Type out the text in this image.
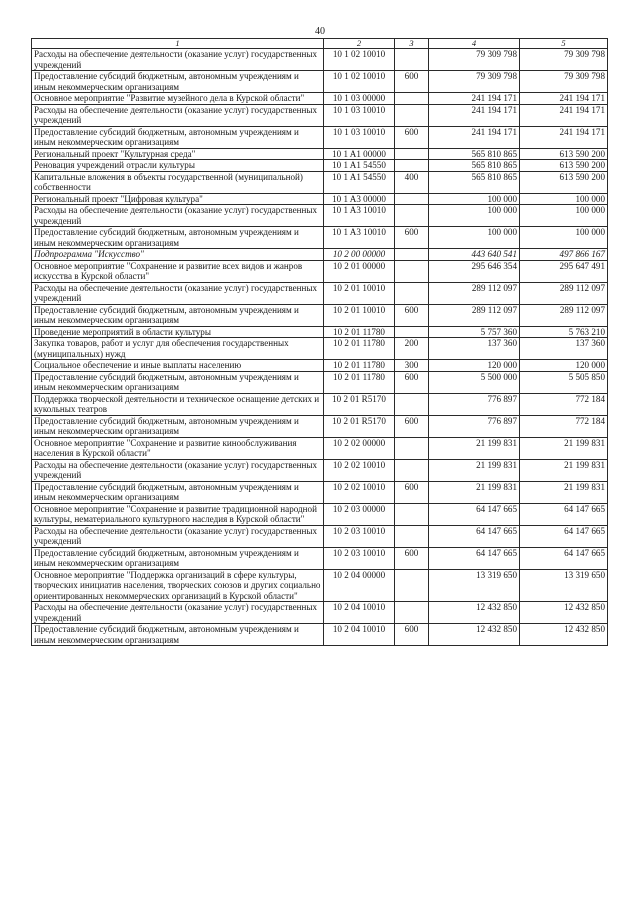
40
1	2	3	4	5
Расходы на обеспечение деятельности (оказание услуг) государственных учреждений	10 1 02 10010		79 309 798	79 309 798
Предоставление субсидий бюджетным, автономным учреждениям и иным некоммерческим организациям	10 1 02 10010	600	79 309 798	79 309 798
Основное мероприятие "Развитие музейного дела в Курской области"	10 1 03 00000		241 194 171	241 194 171
Расходы на обеспечение деятельности (оказание услуг) государственных учреждений	10 1 03 10010		241 194 171	241 194 171
Предоставление субсидий бюджетным, автономным учреждениям и иным некоммерческим организациям	10 1 03 10010	600	241 194 171	241 194 171
Региональный проект "Культурная среда"	10 1 A1 00000		565 810 865	613 590 200
Реновация учреждений отрасли культуры	10 1 A1 54550		565 810 865	613 590 200
Капитальные вложения в объекты государственной (муниципальной) собственности	10 1 A1 54550	400	565 810 865	613 590 200
Региональный проект "Цифровая культура"	10 1 A3 00000		100 000	100 000
Расходы на обеспечение деятельности (оказание услуг) государственных учреждений	10 1 A3 10010		100 000	100 000
Предоставление субсидий бюджетным, автономным учреждениям и иным некоммерческим организациям	10 1 A3 10010	600	100 000	100 000
Подпрограмма "Искусство"	10 2 00 00000		443 640 541	497 866 167
Основное мероприятие "Сохранение и развитие всех видов и жанров искусства в Курской области"	10 2 01 00000		295 646 354	295 647 491
Расходы на обеспечение деятельности (оказание услуг) государственных учреждений	10 2 01 10010		289 112 097	289 112 097
Предоставление субсидий бюджетным, автономным учреждениям и иным некоммерческим организациям	10 2 01 10010	600	289 112 097	289 112 097
Проведение мероприятий в области культуры	10 2 01 11780		5 757 360	5 763 210
Закупка товаров, работ и услуг для обеспечения государственных (муниципальных) нужд	10 2 01 11780	200	137 360	137 360
Социальное обеспечение и иные выплаты населению	10 2 01 11780	300	120 000	120 000
Предоставление субсидий бюджетным, автономным учреждениям и иным некоммерческим организациям	10 2 01 11780	600	5 500 000	5 505 850
Поддержка творческой деятельности и техническое оснащение детских и кукольных театров	10 2 01 R5170		776 897	772 184
Предоставление субсидий бюджетным, автономным учреждениям и иным некоммерческим организациям	10 2 01 R5170	600	776 897	772 184
Основное мероприятие "Сохранение и развитие кинообслуживания населения в Курской области"	10 2 02 00000		21 199 831	21 199 831
Расходы на обеспечение деятельности (оказание услуг) государственных учреждений	10 2 02 10010		21 199 831	21 199 831
Предоставление субсидий бюджетным, автономным учреждениям и иным некоммерческим организациям	10 2 02 10010	600	21 199 831	21 199 831
Основное мероприятие "Сохранение и развитие традиционной народной культуры, нематериального культурного наследия в Курской области"	10 2 03 00000		64 147 665	64 147 665
Расходы на обеспечение деятельности (оказание услуг) государственных учреждений	10 2 03 10010		64 147 665	64 147 665
Предоставление субсидий бюджетным, автономным учреждениям и иным некоммерческим организациям	10 2 03 10010	600	64 147 665	64 147 665
Основное мероприятие "Поддержка организаций в сфере культуры, творческих инициатив населения, творческих союзов и других социально ориентированных некоммерческих организаций в Курской области"	10 2 04 00000		13 319 650	13 319 650
Расходы на обеспечение деятельности (оказание услуг) государственных учреждений	10 2 04 10010		12 432 850	12 432 850
Предоставление субсидий бюджетным, автономным учреждениям и иным некоммерческим организациям	10 2 04 10010	600	12 432 850	12 432 850
